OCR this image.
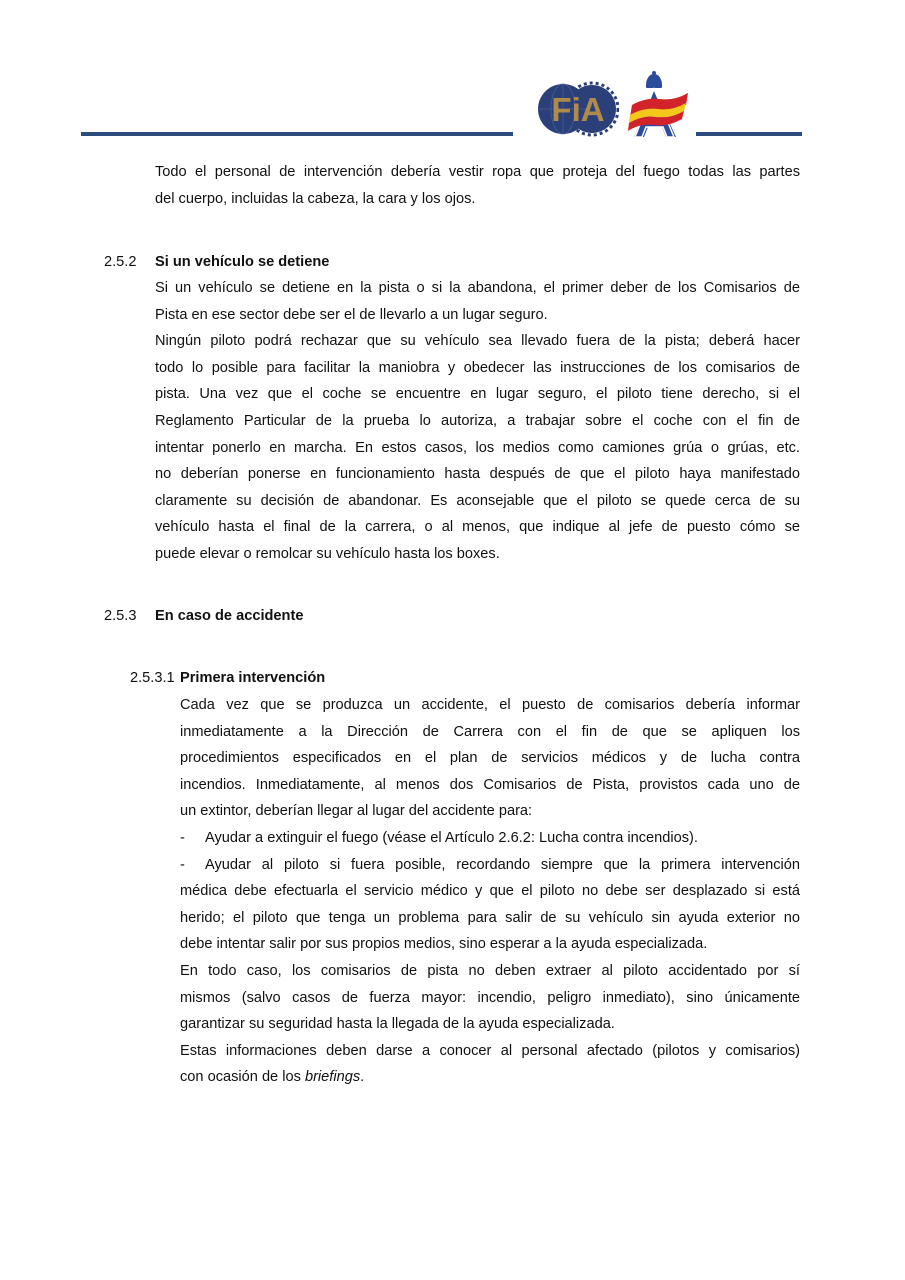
FiA
Todo el personal de intervención debería vestir ropa que proteja del fuego todas las partes
del cuerpo, incluidas la cabeza, la cara y los ojos.
2.5.2 Si un vehículo se detiene
Si un vehículo se detiene en la pista o si la abandona, el primer deber de los Comisarios de
Pista en ese sector debe ser el de llevarlo a un lugar seguro.
Ningún piloto podrá rechazar que su vehículo sea llevado fuera de la pista; deberá hacer
todo lo posible para facilitar la maniobra y obedecer las instrucciones de los comisarios de
pista. Una vez que el coche se encuentre en lugar seguro, el piloto tiene derecho, si el
Reglamento Particular de la prueba lo autoriza, a trabajar sobre el coche con el fin de
intentar ponerlo en marcha. En estos casos, los medios como camiones grúa o grúas, etc.
no deberían ponerse en funcionamiento hasta después de que el piloto haya manifestado
claramente su decisión de abandonar. Es aconsejable que el piloto se quede cerca de su
vehículo hasta el final de la carrera, o al menos, que indique al jefe de puesto cómo se
puede elevar o remolcar su vehículo hasta los boxes.
2.5.3 En caso de accidente
2.5.3.1 Primera intervención
Cada vez que se produzca un accidente, el puesto de comisarios debería informar
inmediatamente a la Dirección de Carrera con el fin de que se apliquen los
procedimientos especificados en el plan de servicios médicos y de lucha contra
incendios. Inmediatamente, al menos dos Comisarios de Pista, provistos cada uno de
un extintor, deberían llegar al lugar del accidente para:
- Ayudar a extinguir el fuego (véase el Artículo 2.6.2: Lucha contra incendios).
-	Ayudar al piloto si fuera posible, recordando siempre que la primera intervención
médica debe efectuarla el servicio médico y que el piloto no debe ser desplazado si está
herido; el piloto que tenga un problema para salir de su vehículo sin ayuda exterior no
debe intentar salir por sus propios medios, sino esperar a la ayuda especializada.
En todo caso, los comisarios de pista no deben extraer al piloto accidentado por sí
mismos (salvo casos de fuerza mayor: incendio, peligro inmediato), sino únicamente
garantizar su seguridad hasta la llegada de la ayuda especializada.
Estas informaciones deben darse a conocer al personal afectado (pilotos y comisarios)
con ocasión de los briefings.
